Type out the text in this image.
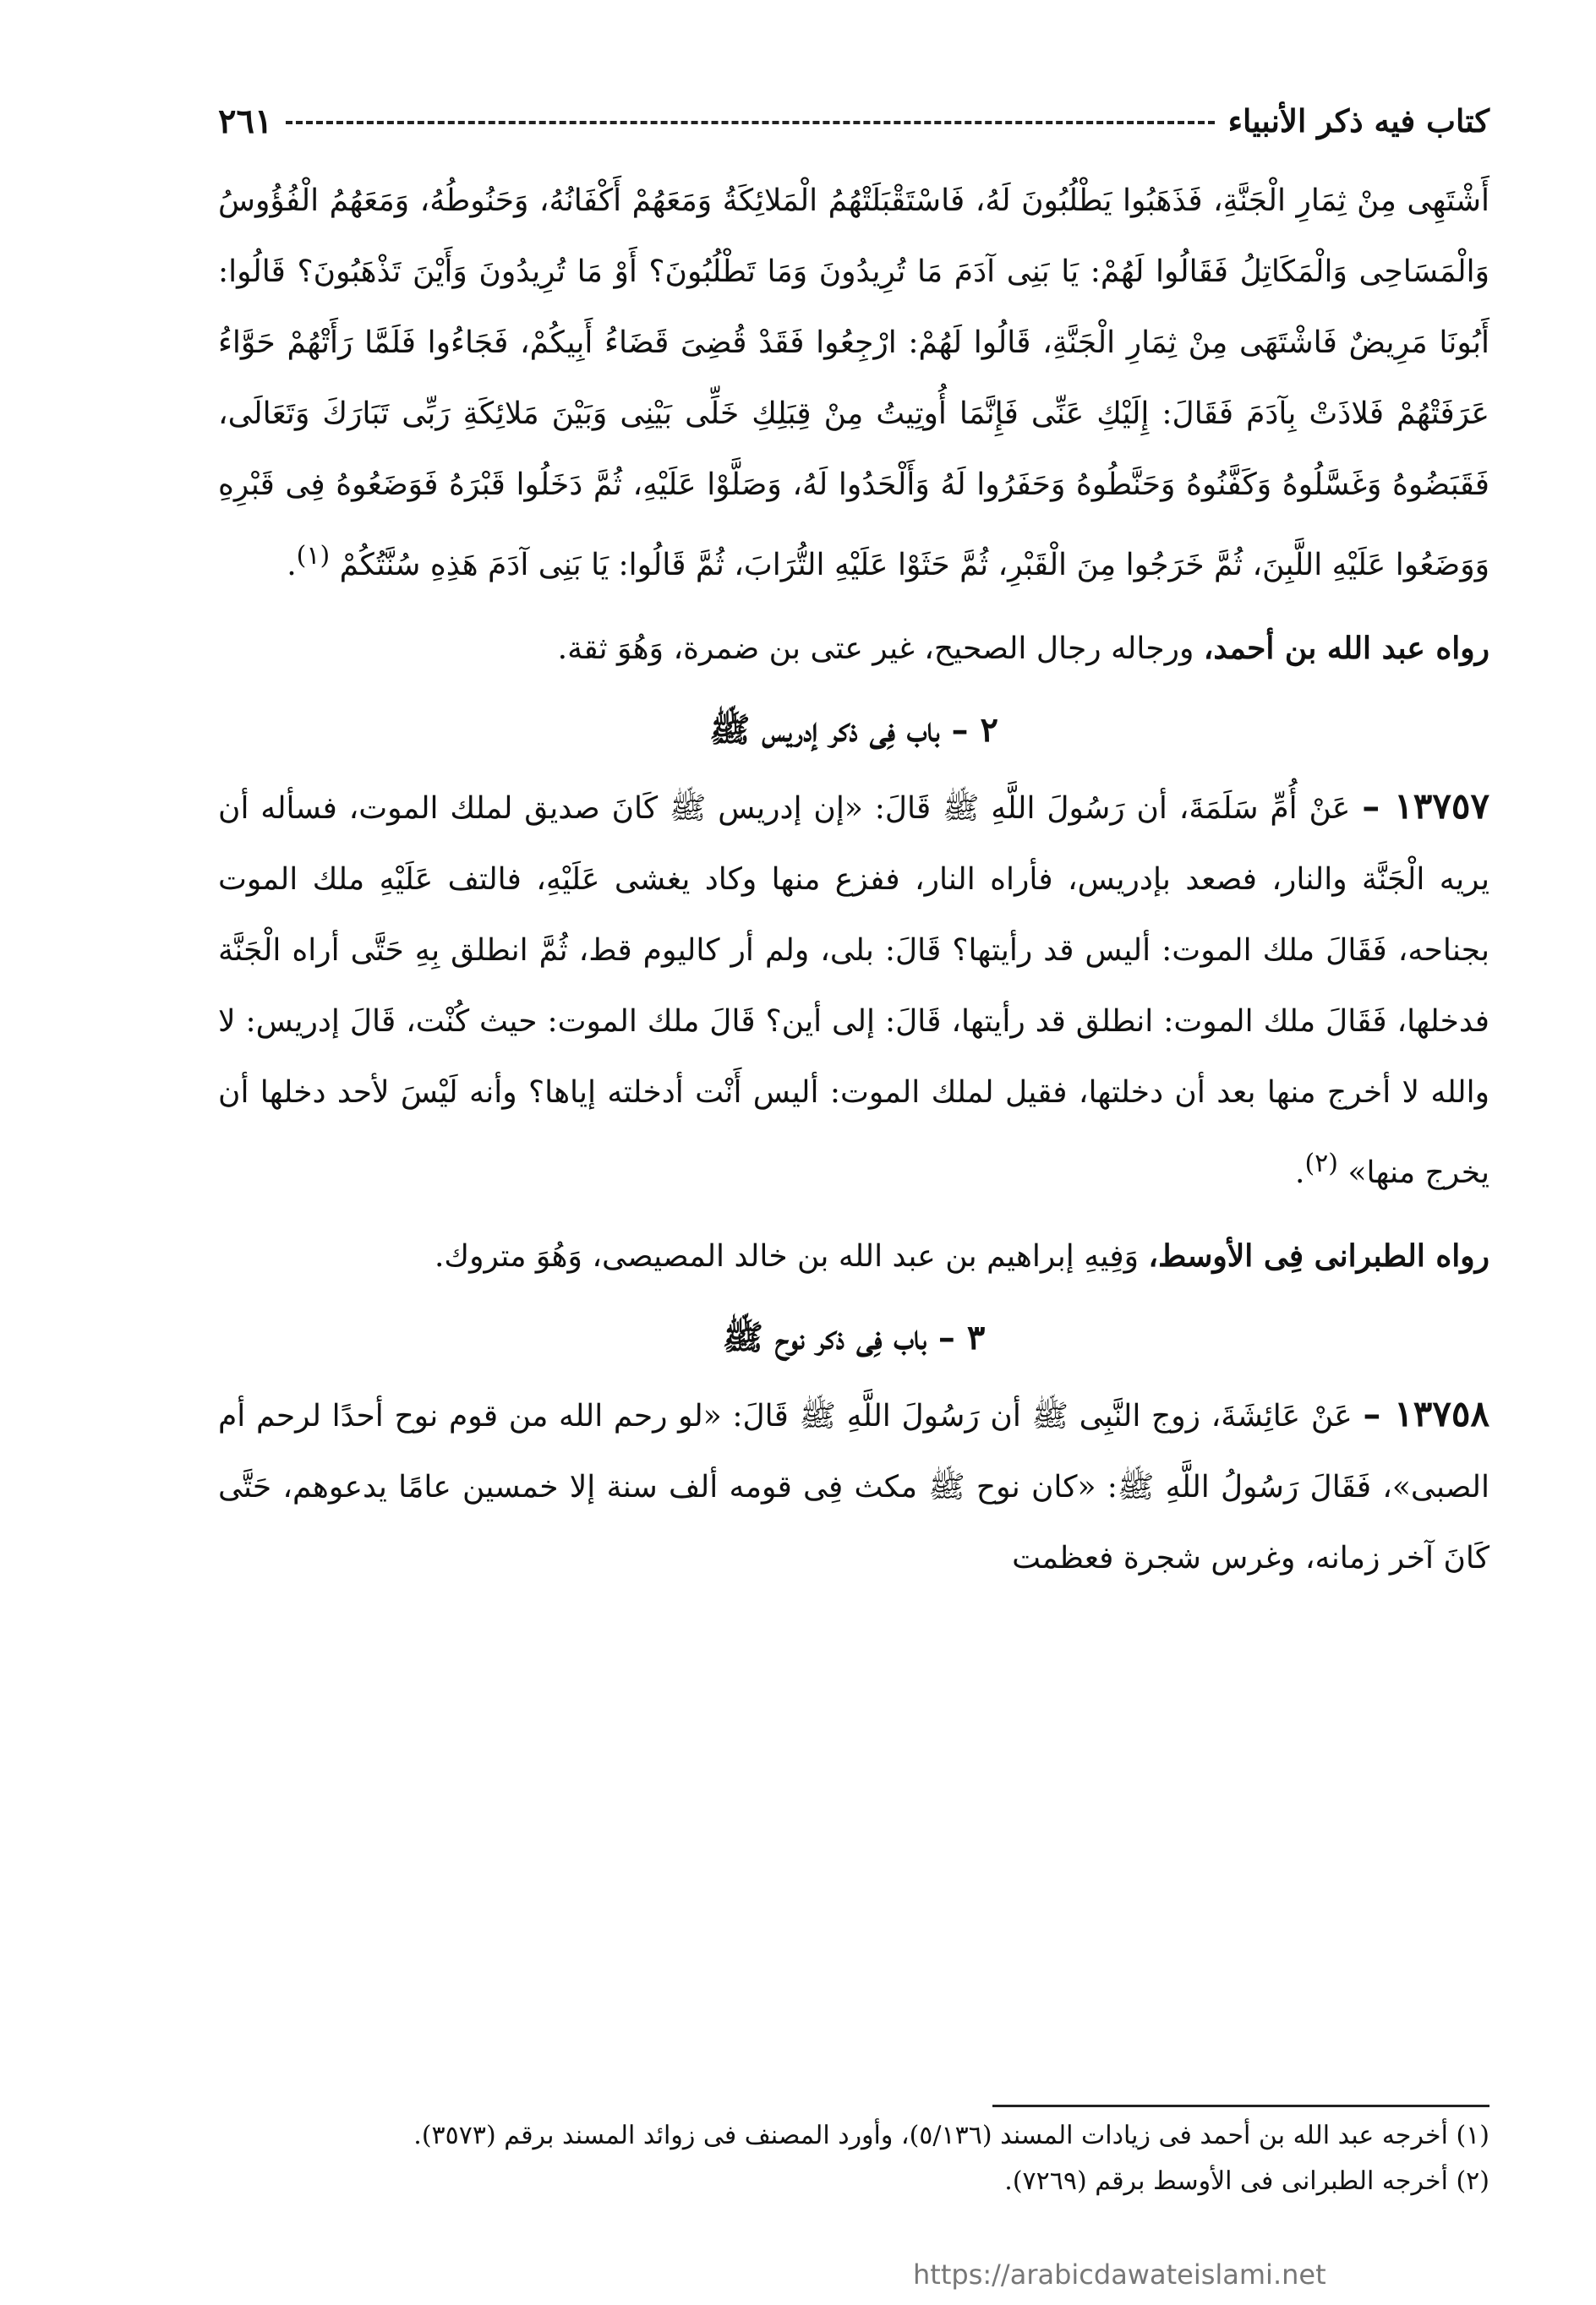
كتاب فيه ذكر الأنبياء
٢٦١

أَشْتَهِى مِنْ ثِمَارِ الْجَنَّةِ، فَذَهَبُوا يَطْلُبُونَ لَهُ، فَاسْتَقْبَلَتْهُمُ الْمَلائِكَةُ وَمَعَهُمْ أَكْفَانُهُ، وَحَنُوطُهُ، وَمَعَهُمُ الْفُؤُوسُ وَالْمَسَاحِى وَالْمَكَاتِلُ فَقَالُوا لَهُمْ: يَا بَنِى آدَمَ مَا تُرِيدُونَ وَمَا تَطْلُبُونَ؟ أَوْ مَا تُرِيدُونَ وَأَيْنَ تَذْهَبُونَ؟ قَالُوا: أَبُونَا مَرِيضٌ فَاشْتَهَى مِنْ ثِمَارِ الْجَنَّةِ، قَالُوا لَهُمْ: ارْجِعُوا فَقَدْ قُضِىَ قَضَاءُ أَبِيكُمْ، فَجَاءُوا فَلَمَّا رَأَتْهُمْ حَوَّاءُ عَرَفَتْهُمْ فَلاذَتْ بِآدَمَ فَقَالَ: إِلَيْكِ عَنِّى فَإِنَّمَا أُوتِيتُ مِنْ قِبَلِكِ خَلِّى بَيْنِى وَبَيْنَ مَلائِكَةِ رَبِّى تَبَارَكَ وَتَعَالَى، فَقَبَضُوهُ وَغَسَّلُوهُ وَكَفَّنُوهُ وَحَنَّطُوهُ وَحَفَرُوا لَهُ وَأَلْحَدُوا لَهُ، وَصَلَّوْا عَلَيْهِ، ثُمَّ دَخَلُوا قَبْرَهُ فَوَضَعُوهُ فِى قَبْرِهِ وَوَضَعُوا عَلَيْهِ اللَّبِنَ، ثُمَّ خَرَجُوا مِنَ الْقَبْرِ، ثُمَّ حَثَوْا عَلَيْهِ التُّرَابَ، ثُمَّ قَالُوا: يَا بَنِى آدَمَ هَذِهِ سُنَّتُكُمْ $^{(١)}$.

رواه عبد الله بن أحمد، ورجاله رجال الصحيح، غير عتى بن ضمرة، وَهُوَ ثقة.

٢ – باب فِى ذكر إدريس ﷺ

١٣٧٥٧ – عَنْ أُمِّ سَلَمَةَ، أن رَسُولَ اللَّهِ ﷺ قَالَ: «إن إدريس ﷺ كَانَ صديق لملك الموت، فسأله أن يريه الْجَنَّة والنار، فصعد بإدريس، فأراه النار، ففزع منها وكاد يغشى عَلَيْهِ، فالتف عَلَيْهِ ملك الموت بجناحه، فَقَالَ ملك الموت: أليس قد رأيتها؟ قَالَ: بلى، ولم أر كاليوم قط، ثُمَّ انطلق بِهِ حَتَّى أراه الْجَنَّة فدخلها، فَقَالَ ملك الموت: انطلق قد رأيتها، قَالَ: إلى أين؟ قَالَ ملك الموت: حيث كُنْت، قَالَ إدريس: لا والله لا أخرج منها بعد أن دخلتها، فقيل لملك الموت: أليس أَنْت أدخلته إياها؟ وأنه لَيْسَ لأحد دخلها أن يخرج منها» $^{(٢)}$.

رواه الطبرانى فِى الأوسط، وَفِيهِ إبراهيم بن عبد الله بن خالد المصيصى، وَهُوَ متروك.

٣ – باب فِى ذكر نوح ﷺ

١٣٧٥٨ – عَنْ عَائِشَةَ، زوج النَّبِى ﷺ أن رَسُولَ اللَّهِ ﷺ قَالَ: «لو رحم الله من قوم نوح أحدًا لرحم أم الصبى»، فَقَالَ رَسُولُ اللَّهِ ﷺ: «كان نوح ﷺ مكث فِى قومه ألف سنة إلا خمسين عامًا يدعوهم، حَتَّى كَانَ آخر زمانه، وغرس شجرة فعظمت

(١) أخرجه عبد الله بن أحمد فى زيادات المسند (٥/١٣٦)، وأورد المصنف فى زوائد المسند برقم (٣٥٧٣).
(٢) أخرجه الطبرانى فى الأوسط برقم (٧٢٦٩).
https://arabicdawateislami.net
